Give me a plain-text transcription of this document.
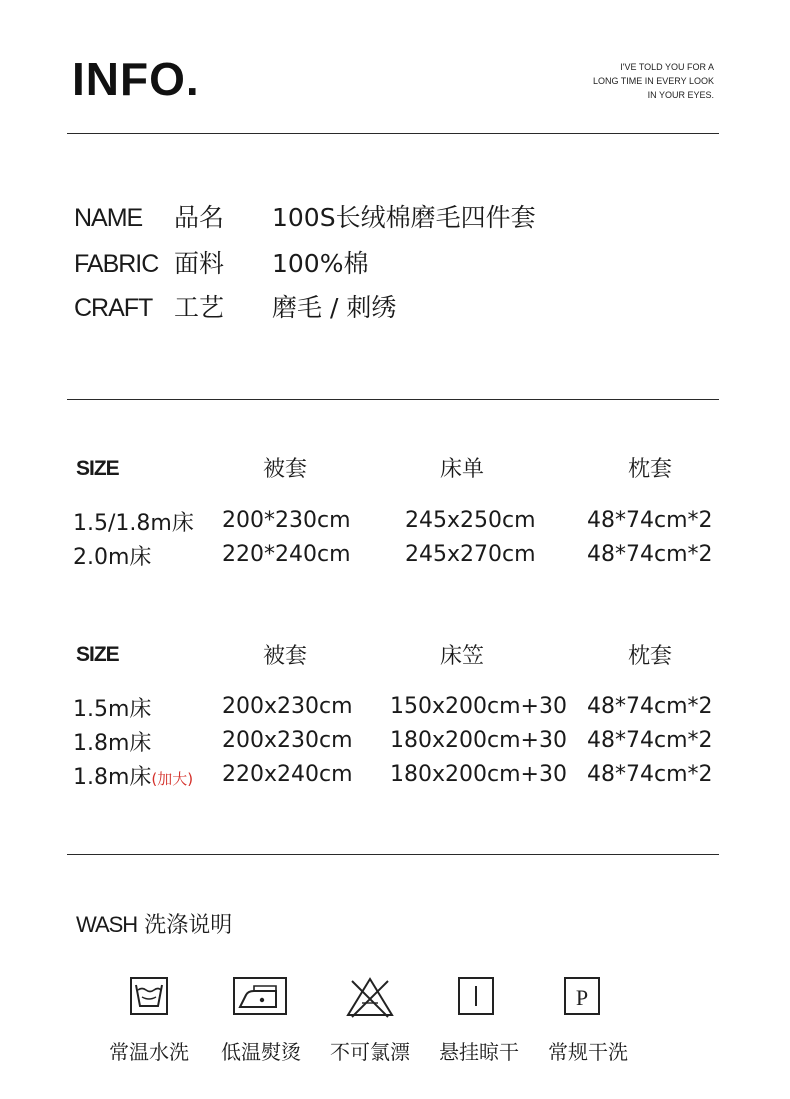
INFO.	I'VE TOLD YOU FOR A
LONG TIME IN EVERY LOOK
IN YOUR EYES.
NAME 品名 100S长绒棉磨毛四件套
FABRIC 面料 100%棉
CRAFT 工艺 磨毛 / 刺绣
SIZE	被套	床单	枕套
1.5/1.8m床 200*230cm 245x250cm 48*74cm*2
2.0m床	220*240cm 245x270cm 48*74cm*2
SIZE	被套	床笠	枕套
1.5m床	200x230cm 150x200cm+30 48*74cm*2
1.8m床	200x230cm 180x200cm+30 48*74cm*2
1.8m床(加大) 220x240cm 180x200cm+30 48*74cm*2
WASH 洗涤说明
P
常温水洗	低温熨烫	不可氯漂	悬挂晾干	常规干洗
